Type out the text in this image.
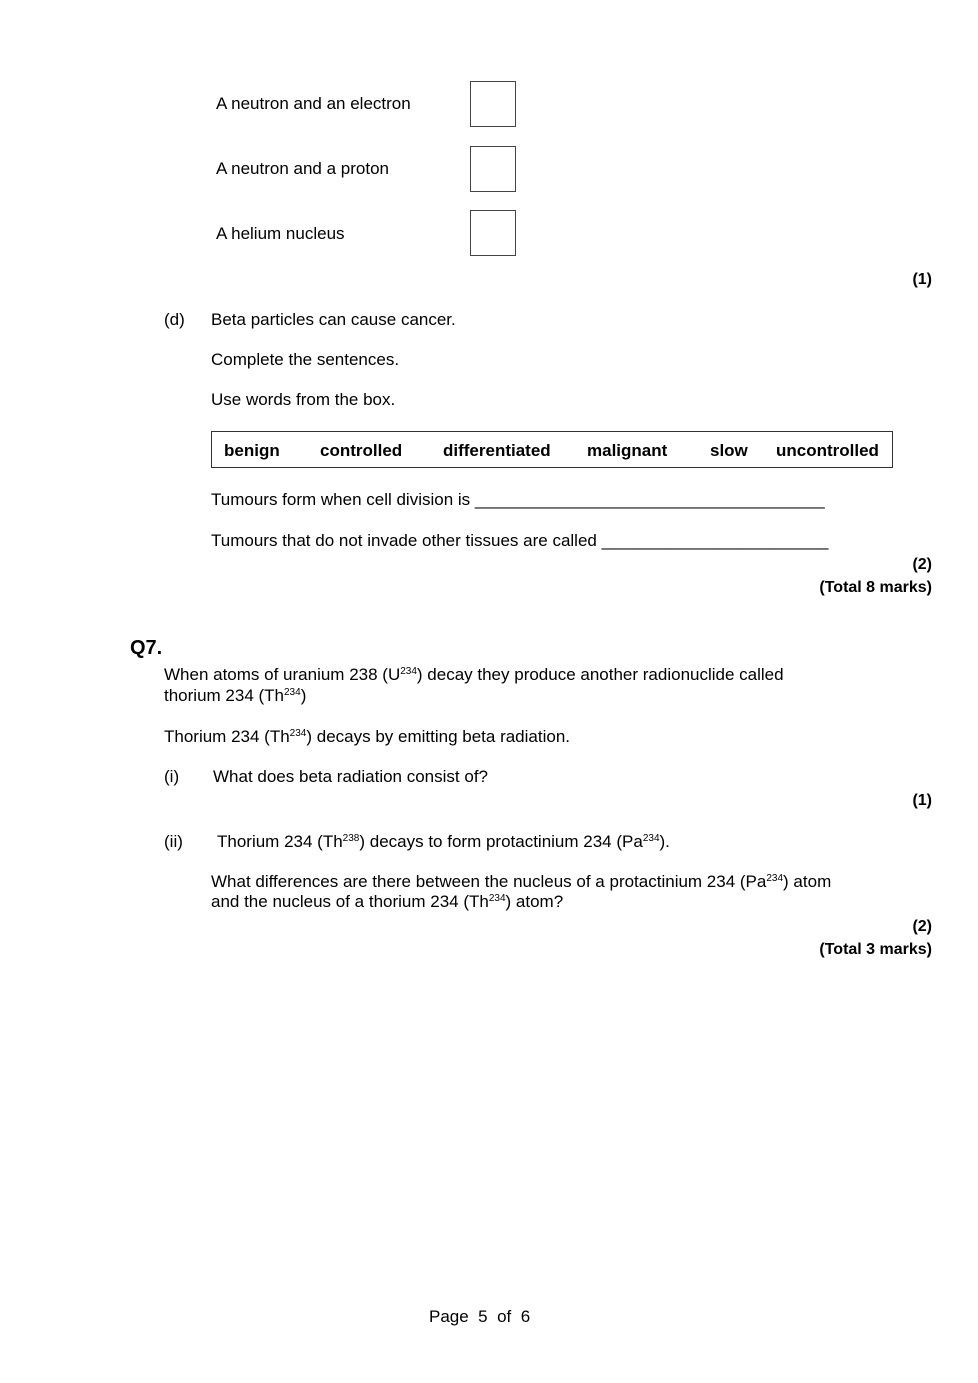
A neutron and an electron
A neutron and a proton
A helium nucleus
(1)
(d) Beta particles can cause cancer.
Complete the sentences.
Use words from the box.
benign controlled differentiated malignant	slow uncontrolled
Tumours form when cell division is _____________________________________
Tumours that do not invade other tissues are called ________________________
(2)
(Total 8 marks)
Q7.
When atoms of uranium 238 $(U^{234})$ decay they produce another radionuclide called
thorium 234 (Th$^{234}$)
Thorium 234 (Th$^{234}$) decays by emitting beta radiation.
(i) What does beta radiation consist of?
(1)
(ii) Thorium 234 (Th$^{238}$) decays to form protactinium 234 (Pa$^{234}$).
What differences are there between the nucleus of a protactinium 234 (Pa$^{234}$) atom
and the nucleus of a thorium 234 (Th$^{234}$) atom?
(2)
(Total 3 marks)
Page 5 of 6
